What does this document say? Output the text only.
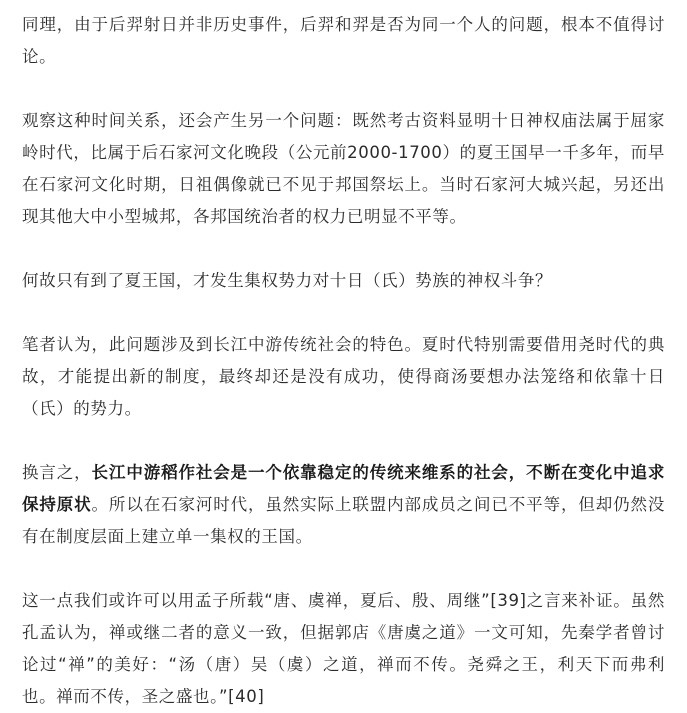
同理，由于后羿射日并非历史事件，后羿和羿是否为同一个人的问题，根本不值得讨论。

观察这种时间关系，还会产生另一个问题：既然考古资料显明十日神权庙法属于屈家岭时代，比属于后石家河文化晚段（公元前2000-1700）的夏王国早一千多年，而早在石家河文化时期，日祖偶像就已不见于邦国祭坛上。当时石家河大城兴起，另还出现其他大中小型城邦，各邦国统治者的权力已明显不平等。

何故只有到了夏王国，才发生集权势力对十日（氏）势族的神权斗争？

笔者认为，此问题涉及到长江中游传统社会的特色。夏时代特别需要借用尧时代的典故，才能提出新的制度，最终却还是没有成功，使得商汤要想办法笼络和依靠十日（氏）的势力。

换言之，长江中游稻作社会是一个依靠稳定的传统来维系的社会，不断在变化中追求保持原状。所以在石家河时代，虽然实际上联盟内部成员之间已不平等，但却仍然没有在制度层面上建立单一集权的王国。

这一点我们或许可以用孟子所载“唐、虞禅，夏后、殷、周继”[39]之言来补证。虽然孔孟认为，禅或继二者的意义一致，但据郭店《唐虞之道》一文可知，先秦学者曾讨论过“禅”的美好：“汤（唐）吴（虞）之道，禅而不传。尧舜之王，利天下而弗利也。禅而不传，圣之盛也。”[40]
